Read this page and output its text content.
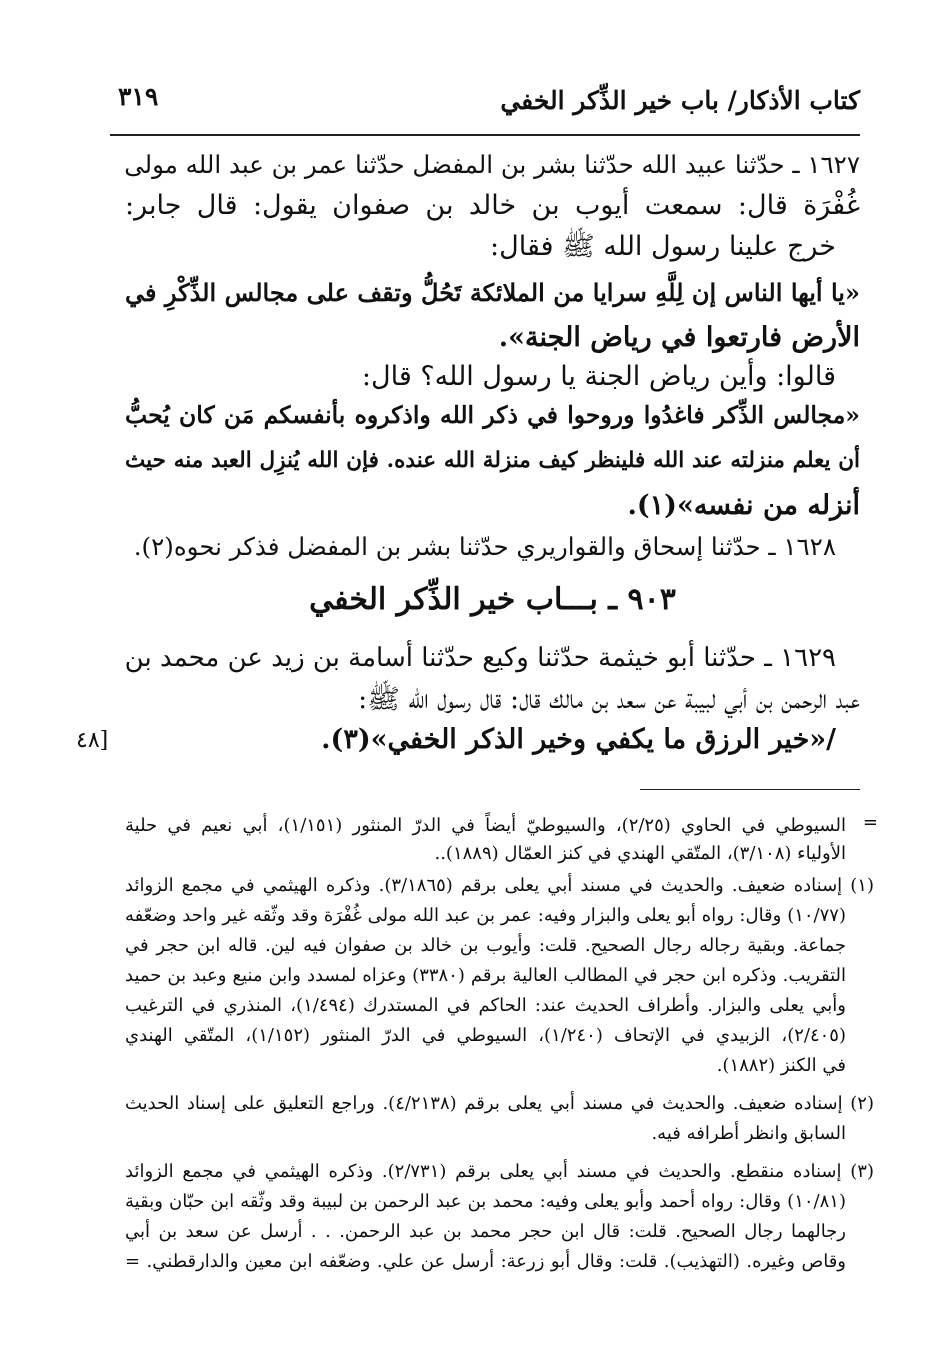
كتاب الأذكار/ باب خير الذِّكر الخفي
٣١٩
١٦٢٧ ـ حدّثنا عبيد الله حدّثنا بشر بن المفضل حدّثنا عمر بن عبد الله مولى
غُفْرَة قال: سمعت أيوب بن خالد بن صفوان يقول: قال جابر:
خرج علينا رسول الله ﷺ فقال:
«يا أيها الناس إن لِلَّهِ سرايا من الملائكة تَحُلُّ وتقف على مجالس الذِّكْرِ في
الأرض فارتعوا في رياض الجنة».
قالوا: وأين رياض الجنة يا رسول الله؟ قال:
«مجالس الذِّكر فاغدُوا وروحوا في ذكر الله واذكروه بأنفسكم مَن كان يُحبُّ
أن يعلم منزلته عند الله فلينظر كيف منزلة الله عنده. فإن الله يُنزِل العبد منه حيث
أنزله من نفسه»(١).
١٦٢٨ ـ حدّثنا إسحاق والقواريري حدّثنا بشر بن المفضل فذكر نحوه(٢).
٩٠٣ ـ بـــاب خير الذِّكر الخفي
١٦٢٩ ـ حدّثنا أبو خيثمة حدّثنا وكيع حدّثنا أسامة بن زيد عن محمد بن
عبد الرحمن بن أبي لبيبة عن سعد بن مالك قال: قال رسول الله ﷺ:
/«خير الرزق ما يكفي وخير الذكر الخفي»(٣).
[٤٨
=
السيوطي في الحاوي (٢/٢٥)، والسيوطيّ أيضاً في الدرّ المنثور (١/١٥١)، أبي نعيم في حلية
الأولياء (٣/١٠٨)، المتّقي الهندي في كنز العمّال (١٨٨٩)..
(١) إسناده ضعيف. والحديث في مسند أبي يعلى برقم (٣/١٨٦٥). وذكره الهيثمي في مجمع الزوائد
(١٠/٧٧) وقال: رواه أبو يعلى والبزار وفيه: عمر بن عبد الله مولى غُفْرَة وقد وثّقه غير واحد وضعّفه
جماعة. وبقية رجاله رجال الصحيح. قلت: وأيوب بن خالد بن صفوان فيه لين. قاله ابن حجر في
التقريب. وذكره ابن حجر في المطالب العالية برقم (٣٣٨٠) وعزاه لمسدد وابن منيع وعبد بن حميد
وأبي يعلى والبزار. وأطراف الحديث عند: الحاكم في المستدرك (١/٤٩٤)، المنذري في الترغيب
(٢/٤٠٥)، الزبيدي في الإتحاف (١/٢٤٠)، السيوطي في الدرّ المنثور (١/١٥٢)، المتّقي الهندي
في الكنز (١٨٨٢).
(٢) إسناده ضعيف. والحديث في مسند أبي يعلى برقم (٤/٢١٣٨). وراجع التعليق على إسناد الحديث
السابق وانظر أطرافه فيه.
(٣) إسناده منقطع. والحديث في مسند أبي يعلى برقم (٢/٧٣١). وذكره الهيثمي في مجمع الزوائد
(١٠/٨١) وقال: رواه أحمد وأبو يعلى وفيه: محمد بن عبد الرحمن بن لبيبة وقد وثّقه ابن حبّان وبقية
رجالهما رجال الصحيح. قلت: قال ابن حجر محمد بن عبد الرحمن. . . أرسل عن سعد بن أبي
وقاص وغيره. (التهذيب). قلت: وقال أبو زرعة: أرسل عن علي. وضعّفه ابن معين والدارقطني. =
